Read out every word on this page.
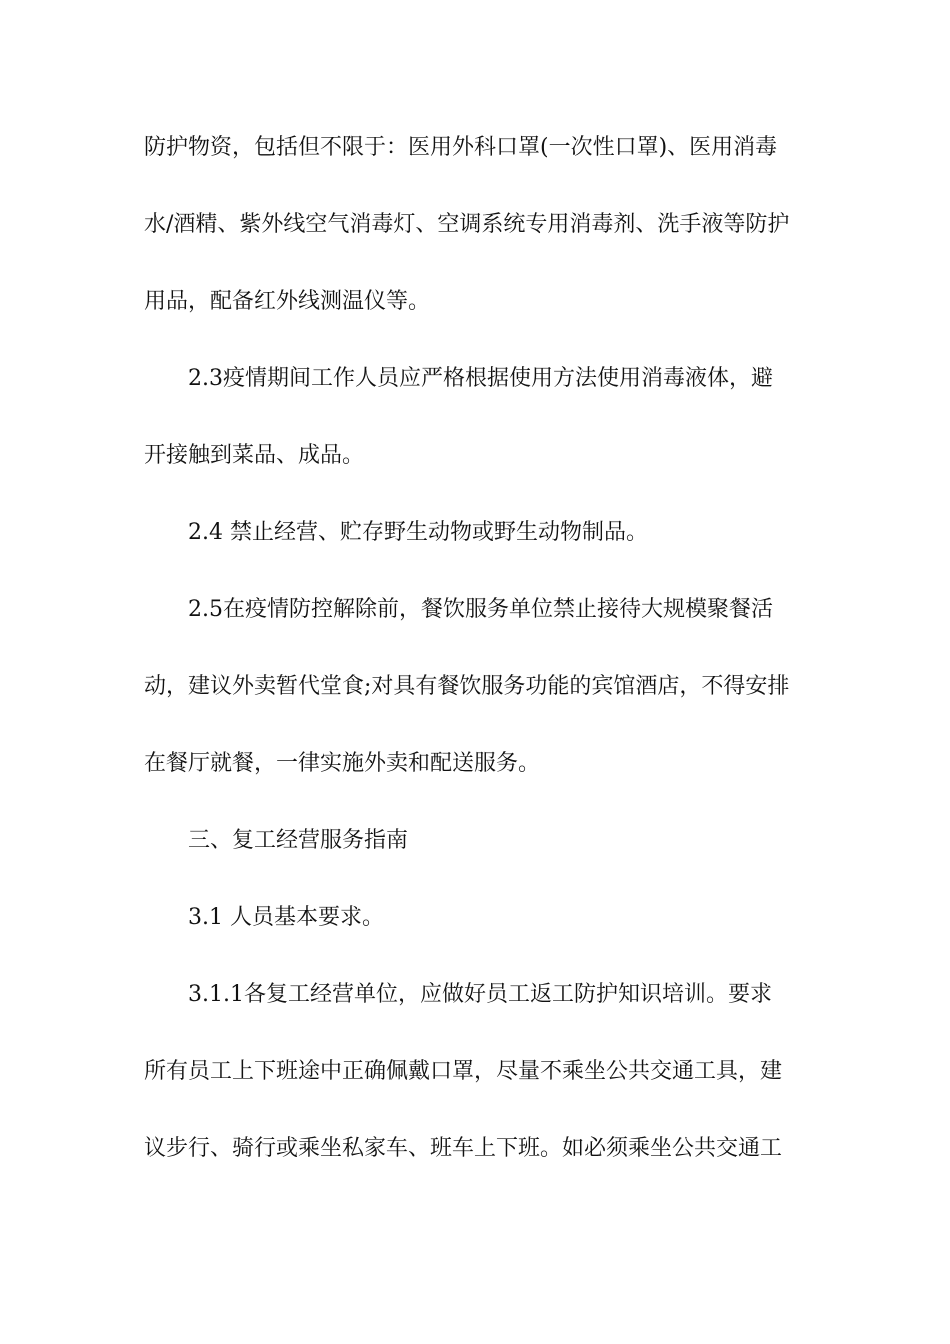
防护物资，包括但不限于：医用外科口罩(一次性口罩)、医用消毒
水/酒精、紫外线空气消毒灯、空调系统专用消毒剂、洗手液等防护
用品，配备红外线测温仪等。
2.3疫情期间工作人员应严格根据使用方法使用消毒液体，避
开接触到菜品、成品。
2.4 禁止经营、贮存野生动物或野生动物制品。
2.5在疫情防控解除前，餐饮服务单位禁止接待大规模聚餐活
动，建议外卖暂代堂食;对具有餐饮服务功能的宾馆酒店，不得安排
在餐厅就餐，一律实施外卖和配送服务。
三、复工经营服务指南
3.1 人员基本要求。
3.1.1各复工经营单位，应做好员工返工防护知识培训。要求
所有员工上下班途中正确佩戴口罩，尽量不乘坐公共交通工具，建
议步行、骑行或乘坐私家车、班车上下班。如必须乘坐公共交通工
